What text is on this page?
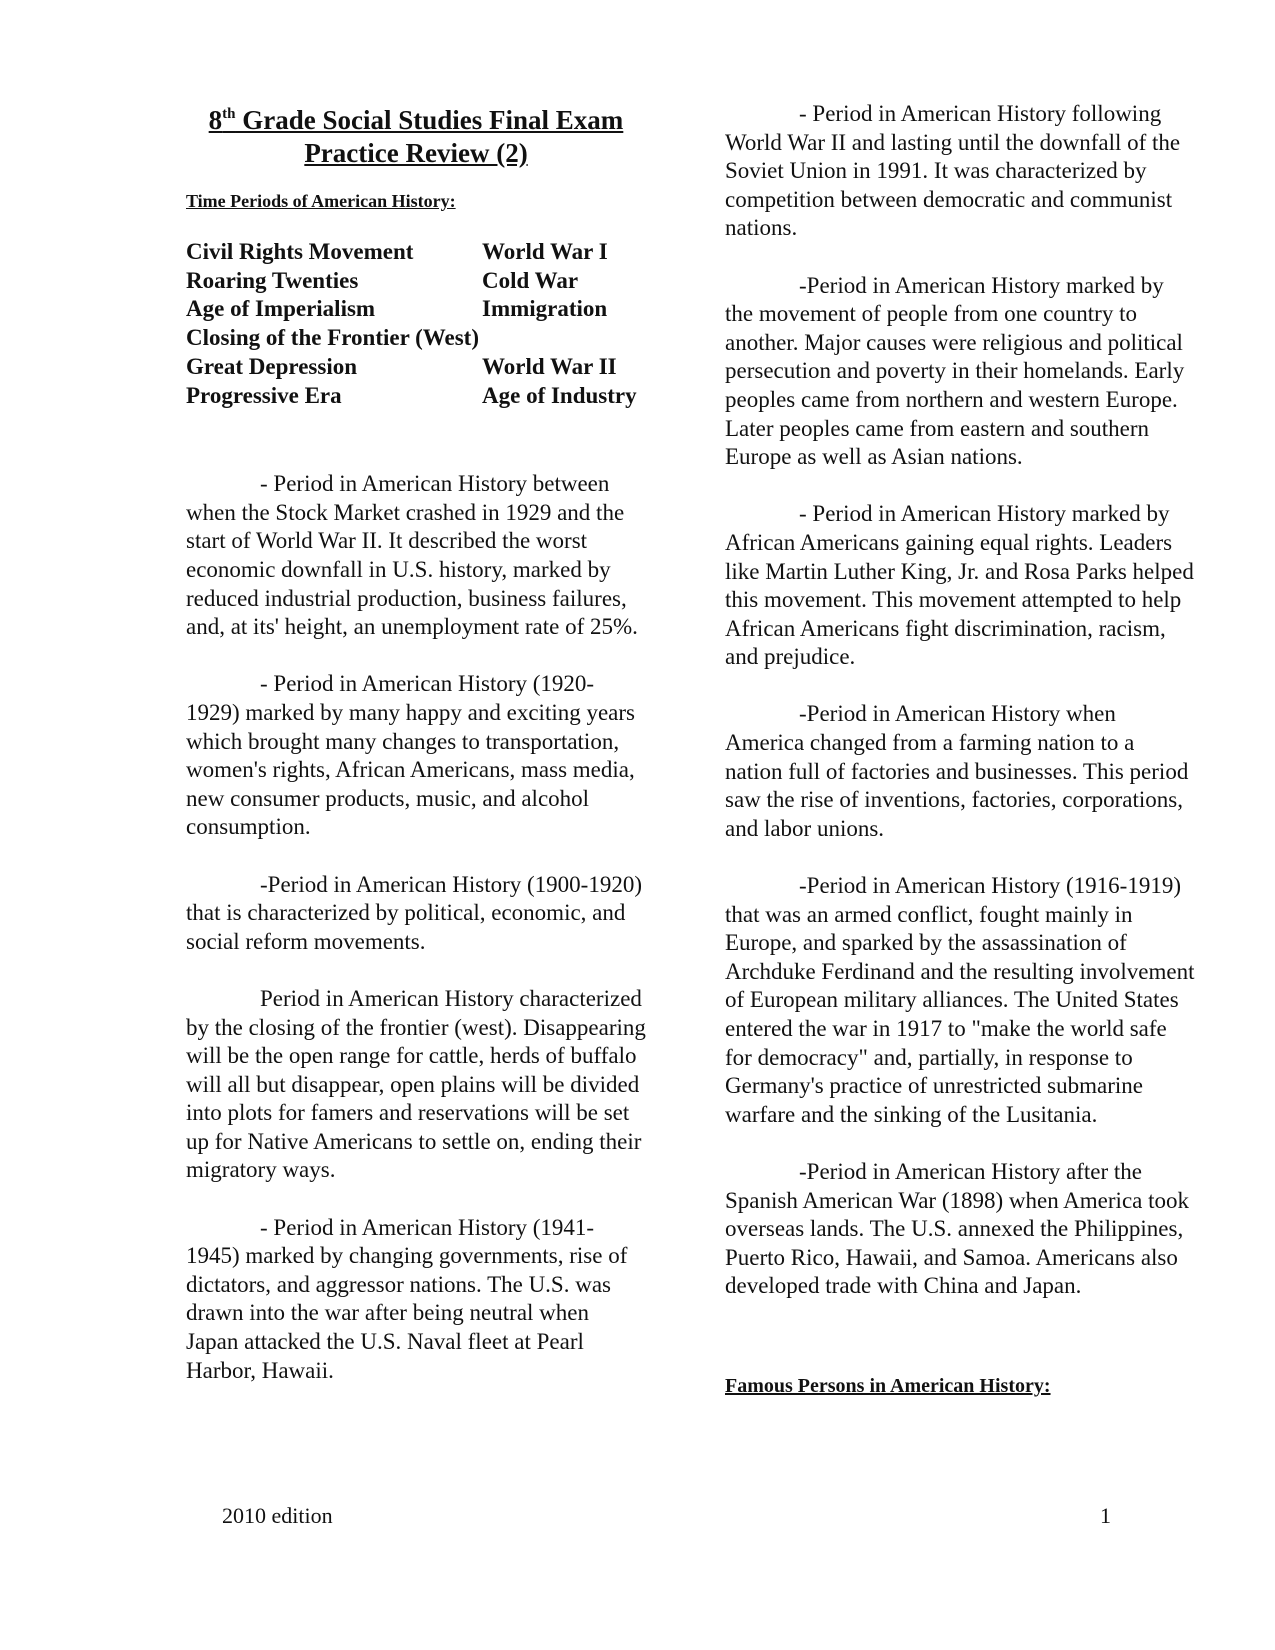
8th Grade Social Studies Final Exam
Practice Review (2)
Time Periods of American History:
Civil Rights Movement	World War I
Roaring Twenties	Cold War
Age of Imperialism	Immigration
Closing of the Frontier (West)
Great Depression	World War II
Progressive Era	Age of Industry

- Period in American History between when the Stock Market crashed in 1929 and the start of World War II. It described the worst economic downfall in U.S. history, marked by reduced industrial production, business failures, and, at its' height, an unemployment rate of 25%.

- Period in American History (1920-1929) marked by many happy and exciting years which brought many changes to transportation, women's rights, African Americans, mass media, new consumer products, music, and alcohol consumption.

-Period in American History (1900-1920) that is characterized by political, economic, and social reform movements.

Period in American History characterized by the closing of the frontier (west). Disappearing will be the open range for cattle, herds of buffalo will all but disappear, open plains will be divided into plots for famers and reservations will be set up for Native Americans to settle on, ending their migratory ways.

- Period in American History (1941-1945) marked by changing governments, rise of dictators, and aggressor nations. The U.S. was drawn into the war after being neutral when Japan attacked the U.S. Naval fleet at Pearl Harbor, Hawaii.

- Period in American History following World War II and lasting until the downfall of the Soviet Union in 1991. It was characterized by competition between democratic and communist nations.

-Period in American History marked by the movement of people from one country to another. Major causes were religious and political persecution and poverty in their homelands. Early peoples came from northern and western Europe. Later peoples came from eastern and southern Europe as well as Asian nations.

- Period in American History marked by African Americans gaining equal rights. Leaders like Martin Luther King, Jr. and Rosa Parks helped this movement. This movement attempted to help African Americans fight discrimination, racism, and prejudice.

-Period in American History when America changed from a farming nation to a nation full of factories and businesses. This period saw the rise of inventions, factories, corporations, and labor unions.

-Period in American History (1916-1919) that was an armed conflict, fought mainly in Europe, and sparked by the assassination of Archduke Ferdinand and the resulting involvement of European military alliances. The United States entered the war in 1917 to "make the world safe for democracy" and, partially, in response to Germany's practice of unrestricted submarine warfare and the sinking of the Lusitania.

-Period in American History after the Spanish American War (1898) when America took overseas lands. The U.S. annexed the Philippines, Puerto Rico, Hawaii, and Samoa. Americans also developed trade with China and Japan.

Famous Persons in American History:
2010 edition	1
